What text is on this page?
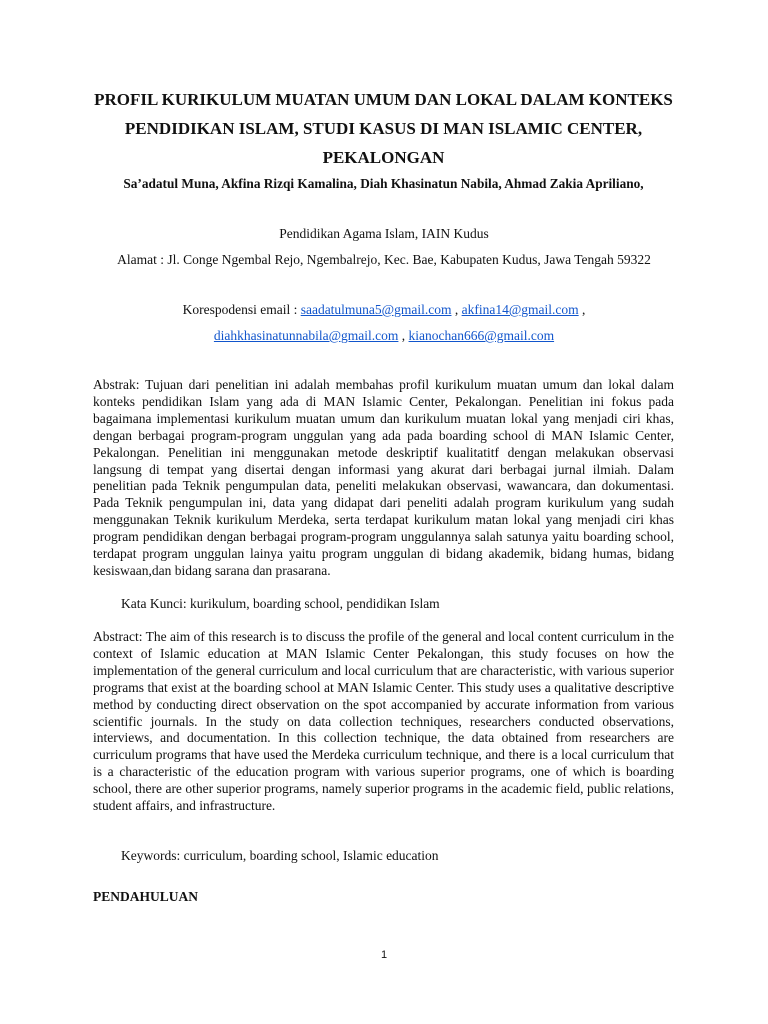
PROFIL KURIKULUM MUATAN UMUM DAN LOKAL DALAM KONTEKS PENDIDIKAN ISLAM, STUDI KASUS DI MAN ISLAMIC CENTER, PEKALONGAN

Sa’adatul Muna, Akfina Rizqi Kamalina, Diah Khasinatun Nabila, Ahmad Zakia Apriliano,

Pendidikan Agama Islam, IAIN Kudus

Alamat : Jl. Conge Ngembal Rejo, Ngembalrejo, Kec. Bae, Kabupaten Kudus, Jawa Tengah 59322

Korespodensi email : saadatulmuna5@gmail.com , akfina14@gmail.com ,
diahkhasinatunnabila@gmail.com , kianochan666@gmail.com

Abstrak: Tujuan dari penelitian ini adalah membahas profil kurikulum muatan umum dan lokal dalam konteks pendidikan Islam yang ada di MAN Islamic Center, Pekalongan. Penelitian ini fokus pada bagaimana implementasi kurikulum muatan umum dan kurikulum muatan lokal yang menjadi ciri khas, dengan berbagai program-program unggulan yang ada pada boarding school di MAN Islamic Center, Pekalongan. Penelitian ini menggunakan metode deskriptif kualitatitf dengan melakukan observasi langsung di tempat yang disertai dengan informasi yang akurat dari berbagai jurnal ilmiah. Dalam penelitian pada Teknik pengumpulan data, peneliti melakukan observasi, wawancara, dan dokumentasi. Pada Teknik pengumpulan ini, data yang didapat dari peneliti adalah program kurikulum yang sudah menggunakan Teknik kurikulum Merdeka, serta terdapat kurikulum matan lokal yang menjadi ciri khas program pendidikan dengan berbagai program-program unggulannya salah satunya yaitu boarding school, terdapat program unggulan lainya yaitu program unggulan di bidang akademik, bidang humas, bidang kesiswaan,dan bidang sarana dan prasarana.

Kata Kunci: kurikulum, boarding school, pendidikan Islam

Abstract: The aim of this research is to discuss the profile of the general and local content curriculum in the context of Islamic education at MAN Islamic Center Pekalongan, this study focuses on how the implementation of the general curriculum and local curriculum that are characteristic, with various superior programs that exist at the boarding school at MAN Islamic Center. This study uses a qualitative descriptive method by conducting direct observation on the spot accompanied by accurate information from various scientific journals. In the study on data collection techniques, researchers conducted observations, interviews, and documentation. In this collection technique, the data obtained from researchers are curriculum programs that have used the Merdeka curriculum technique, and there is a local curriculum that is a characteristic of the education program with various superior programs, one of which is boarding school, there are other superior programs, namely superior programs in the academic field, public relations, student affairs, and infrastructure.

Keywords: curriculum, boarding school, Islamic education

PENDAHULUAN

1
